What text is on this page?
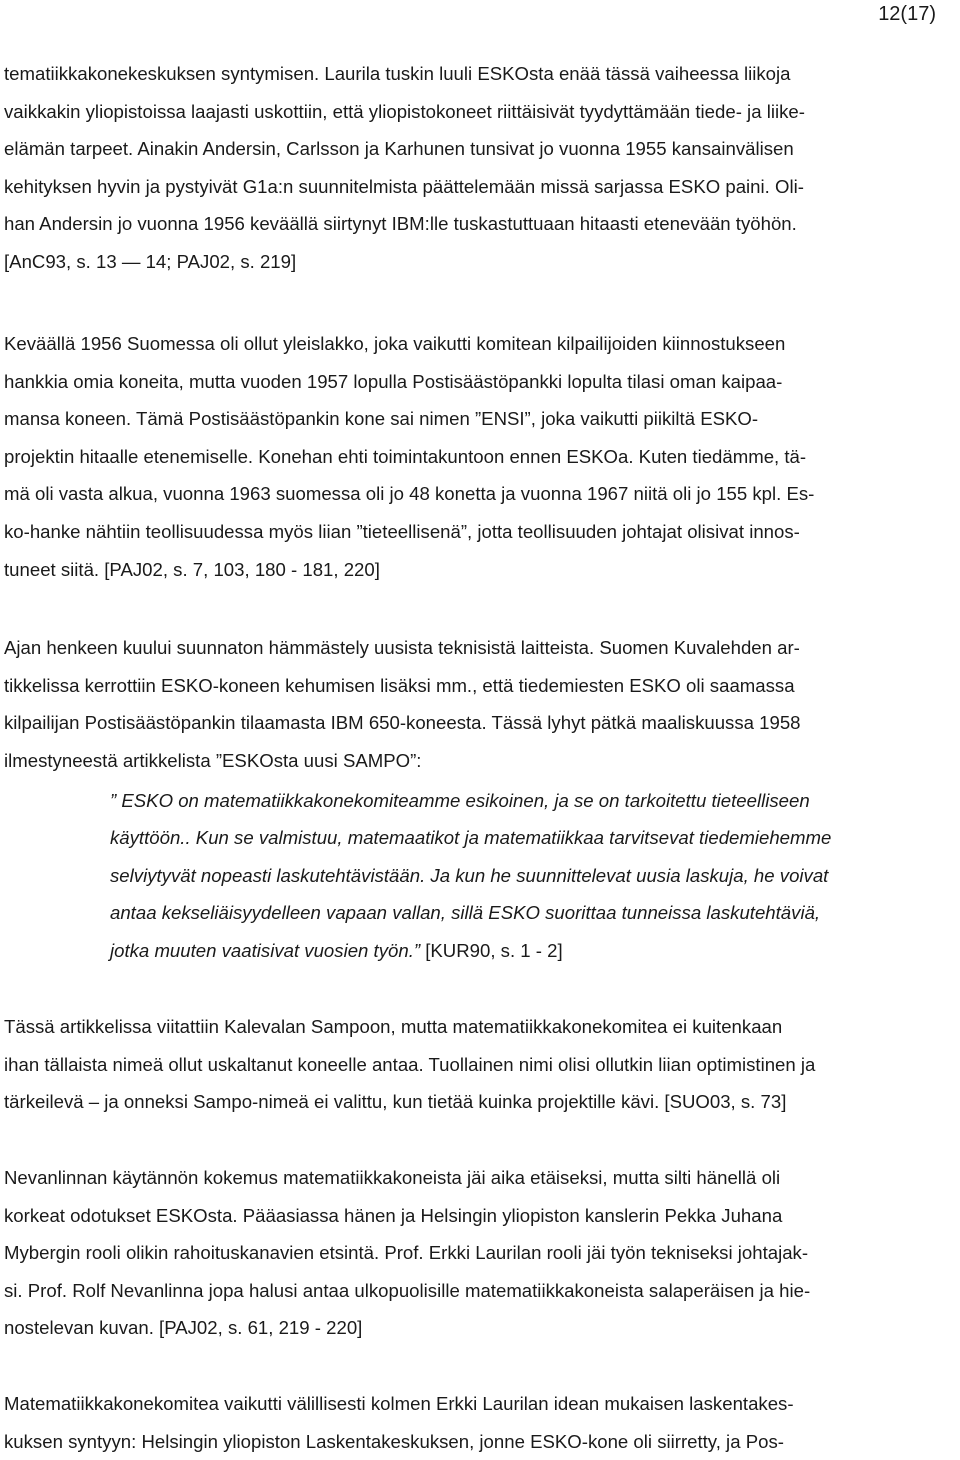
12(17)
tematiikkakonekeskuksen syntymisen. Laurila tuskin luuli ESKOsta enää tässä vaiheessa liikoja
vaikkakin yliopistoissa laajasti uskottiin, että yliopistokoneet riittäisivät tyydyttämään tiede- ja liike-
elämän tarpeet. Ainakin Andersin, Carlsson ja Karhunen tunsivat jo vuonna 1955 kansainvälisen
kehityksen hyvin ja pystyivät G1a:n suunnitelmista päättelemään missä sarjassa ESKO paini. Oli-
han Andersin jo vuonna 1956 keväällä siirtynyt IBM:lle tuskastuttuaan hitaasti etenevään työhön.
[AnC93, s. 13 — 14; PAJ02, s. 219]
Keväällä 1956 Suomessa oli ollut yleislakko, joka vaikutti komitean kilpailijoiden kiinnostukseen
hankkia omia koneita, mutta vuoden 1957 lopulla Postisäästöpankki lopulta tilasi oman kaipaa-
mansa koneen. Tämä Postisäästöpankin kone sai nimen ”ENSI”, joka vaikutti piikiltä ESKO-
projektin hitaalle etenemiselle. Konehan ehti toimintakuntoon ennen ESKOa. Kuten tiedämme, tä-
mä oli vasta alkua, vuonna 1963 suomessa oli jo 48 konetta ja vuonna 1967 niitä oli jo 155 kpl. Es-
ko-hanke nähtiin teollisuudessa myös liian ”tieteellisenä”, jotta teollisuuden johtajat olisivat innos-
tuneet siitä. [PAJ02, s. 7, 103, 180 - 181, 220]
Ajan henkeen kuului suunnaton hämmästely uusista teknisistä laitteista. Suomen Kuvalehden ar-
tikkelissa kerrottiin ESKO-koneen kehumisen lisäksi mm., että tiedemiesten ESKO oli saamassa
kilpailijan Postisäästöpankin tilaamasta IBM 650-koneesta. Tässä lyhyt pätkä maaliskuussa 1958
ilmestyneestä artikkelista ”ESKOsta uusi SAMPO”:
” ESKO on matematiikkakonekomiteamme esikoinen, ja se on tarkoitettu tieteelliseen
käyttöön.. Kun se valmistuu, matemaatikot ja matematiikkaa tarvitsevat tiedemiehemme
selviytyvät nopeasti laskutehtävistään. Ja kun he suunnittelevat uusia laskuja, he voivat
antaa kekseliäisyydelleen vapaan vallan, sillä ESKO suorittaa tunneissa laskutehtäviä,
jotka muuten vaatisivat vuosien työn.” [KUR90, s. 1 - 2]
Tässä artikkelissa viitattiin Kalevalan Sampoon, mutta matematiikkakonekomitea ei kuitenkaan
ihan tällaista nimeä ollut uskaltanut koneelle antaa. Tuollainen nimi olisi ollutkin liian optimistinen ja
tärkeilevä – ja onneksi Sampo-nimeä ei valittu, kun tietää kuinka projektille kävi. [SUO03, s. 73]
Nevanlinnan käytännön kokemus matematiikkakoneista jäi aika etäiseksi, mutta silti hänellä oli
korkeat odotukset ESKOsta. Pääasiassa hänen ja Helsingin yliopiston kanslerin Pekka Juhana
Mybergin rooli olikin rahoituskanavien etsintä. Prof. Erkki Laurilan rooli jäi työn tekniseksi johtajak-
si. Prof. Rolf Nevanlinna jopa halusi antaa ulkopuolisille matematiikkakoneista salaperäisen ja hie-
nostelevan kuvan. [PAJ02, s. 61, 219 - 220]
Matematiikkakonekomitea vaikutti välillisesti kolmen Erkki Laurilan idean mukaisen laskentakes-
kuksen syntyyn: Helsingin yliopiston Laskentakeskuksen, jonne ESKO-kone oli siirretty, ja Pos-
